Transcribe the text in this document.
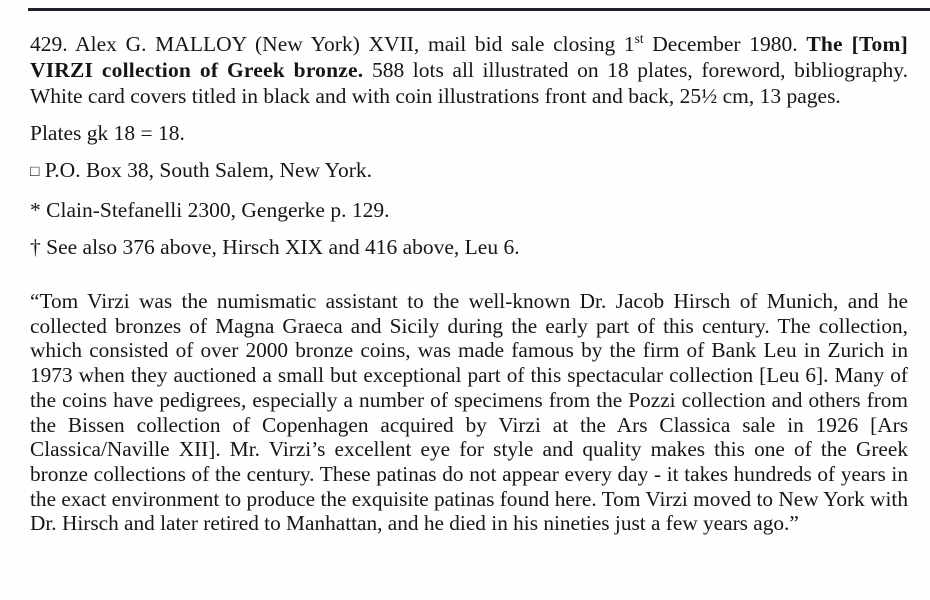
429. Alex G. MALLOY (New York) XVII, mail bid sale closing 1st December 1980. The [Tom] VIRZI collection of Greek bronze. 588 lots all illustrated on 18 plates, foreword, bibliography. White card covers titled in black and with coin illustrations front and back, 25½ cm, 13 pages.

Plates gk 18 = 18.

□ P.O. Box 38, South Salem, New York.

* Clain-Stefanelli 2300, Gengerke p. 129.

† See also 376 above, Hirsch XIX and 416 above, Leu 6.

“Tom Virzi was the numismatic assistant to the well-known Dr. Jacob Hirsch of Munich, and he collected bronzes of Magna Graeca and Sicily during the early part of this century. The collection, which consisted of over 2000 bronze coins, was made famous by the firm of Bank Leu in Zurich in 1973 when they auctioned a small but exceptional part of this spectacular collection [Leu 6]. Many of the coins have pedigrees, especially a number of specimens from the Pozzi collection and others from the Bissen collection of Copenhagen acquired by Virzi at the Ars Classica sale in 1926 [Ars Classica/Naville XII]. Mr. Virzi’s excellent eye for style and quality makes this one of the Greek bronze collections of the century. These patinas do not appear every day - it takes hundreds of years in the exact environment to produce the exquisite patinas found here. Tom Virzi moved to New York with Dr. Hirsch and later retired to Manhattan, and he died in his nineties just a few years ago.”
